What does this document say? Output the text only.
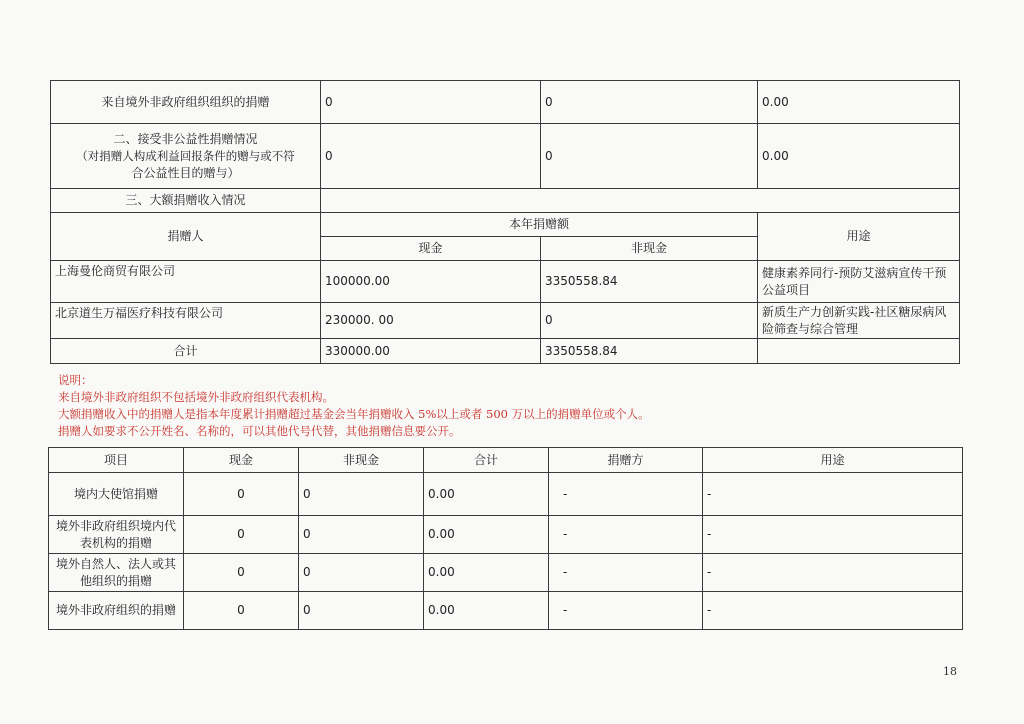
来自境外非政府组织组织的捐赠	0	0	0.00

二、接受非公益性捐赠情况
（对捐赠人构成利益回报条件的赠与或不符
合公益性目的赠与）	0	0	0.00
三、大额捐赠收入情况			
捐赠人	本年捐赠额		用途
	现金	非现金	
上海曼伦商贸有限公司	100000.00	3350558.84	健康素养同行-预防艾滋病宣传干预公益项目
北京道生万福医疗科技有限公司	230000. 00	0	新质生产力创新实践-社区糖尿病风　险筛查与综合管理
合计	330000.00	3350558.84	
说明：
来自境外非政府组织不包括境外非政府组织代表机构。
大额捐赠收入中的捐赠人是指本年度累计捐赠超过基金会当年捐赠收入 5%以上或者 500 万以上的捐赠单位或个人。
捐赠人如要求不公开姓名、名称的，可以其他代号代替，其他捐赠信息要公开。
项目	现金	非现金	合计	捐赠方	用途
境内大使馆捐赠	0	0	0.00	-	-
境外非政府组织境内代表机构的捐赠	0	0	0.00	-	-
境外自然人、法人或其他组织的捐赠	0	0	0.00	-	-
境外非政府组织的捐赠	0	0	0.00	-	-
18
